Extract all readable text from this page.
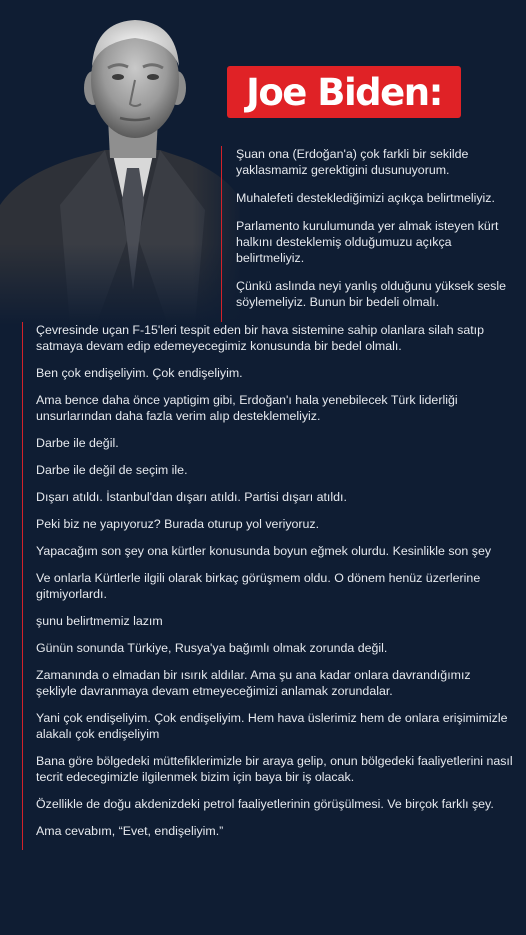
Joe Biden:

Şuan ona (Erdoğan'a) çok farkli bir sekilde yaklasmamiz gerektigini dusunuyorum.

Muhalefeti desteklediğimizi açıkça belirtmeliyiz.

Parlamento kurulumunda yer almak isteyen kürt halkını desteklemiş olduğumuzu açıkça belirtmeliyiz.

Çünkü aslında neyi yanlış olduğunu yüksek sesle söylemeliyiz. Bunun bir bedeli olmalı.

Çevresinde uçan F-15'leri tespit eden bir hava sistemine sahip olanlara silah satıp satmaya devam edip edemeyecegimiz konusunda bir bedel olmalı.

Ben çok endişeliyim. Çok endişeliyim.

Ama bence daha önce yaptigim gibi, Erdoğan'ı hala yenebilecek Türk liderliği unsurlarından daha fazla verim alıp desteklemeliyiz.

Darbe ile değil.

Darbe ile değil de seçim ile.

Dışarı atıldı. İstanbul'dan dışarı atıldı. Partisi dışarı atıldı.

Peki biz ne yapıyoruz? Burada oturup yol veriyoruz.

Yapacağım son şey ona kürtler konusunda boyun eğmek olurdu. Kesinlikle son şey

Ve onlarla Kürtlerle ilgili olarak birkaç görüşmem oldu. O dönem henüz üzerlerine gitmiyorlardı.

şunu belirtmemiz lazım

Günün sonunda Türkiye, Rusya'ya bağımlı olmak zorunda değil.

Zamanında o elmadan bir ısırık aldılar. Ama şu ana kadar onlara davrandığımız şekliyle davranmaya devam etmeyeceğimizi anlamak zorundalar.

Yani çok endişeliyim. Çok endişeliyim. Hem hava üslerimiz hem de onlara erişimimizle alakalı çok endişeliyim

Bana göre bölgedeki müttefiklerimizle bir araya gelip, onun bölgedeki faaliyetlerini nasıl tecrit edecegimizle ilgilenmek bizim için baya bir iş olacak.

Özellikle de doğu akdenizdeki petrol faaliyetlerinin görüşülmesi. Ve birçok farklı şey.

Ama cevabım, “Evet, endişeliyim.”
